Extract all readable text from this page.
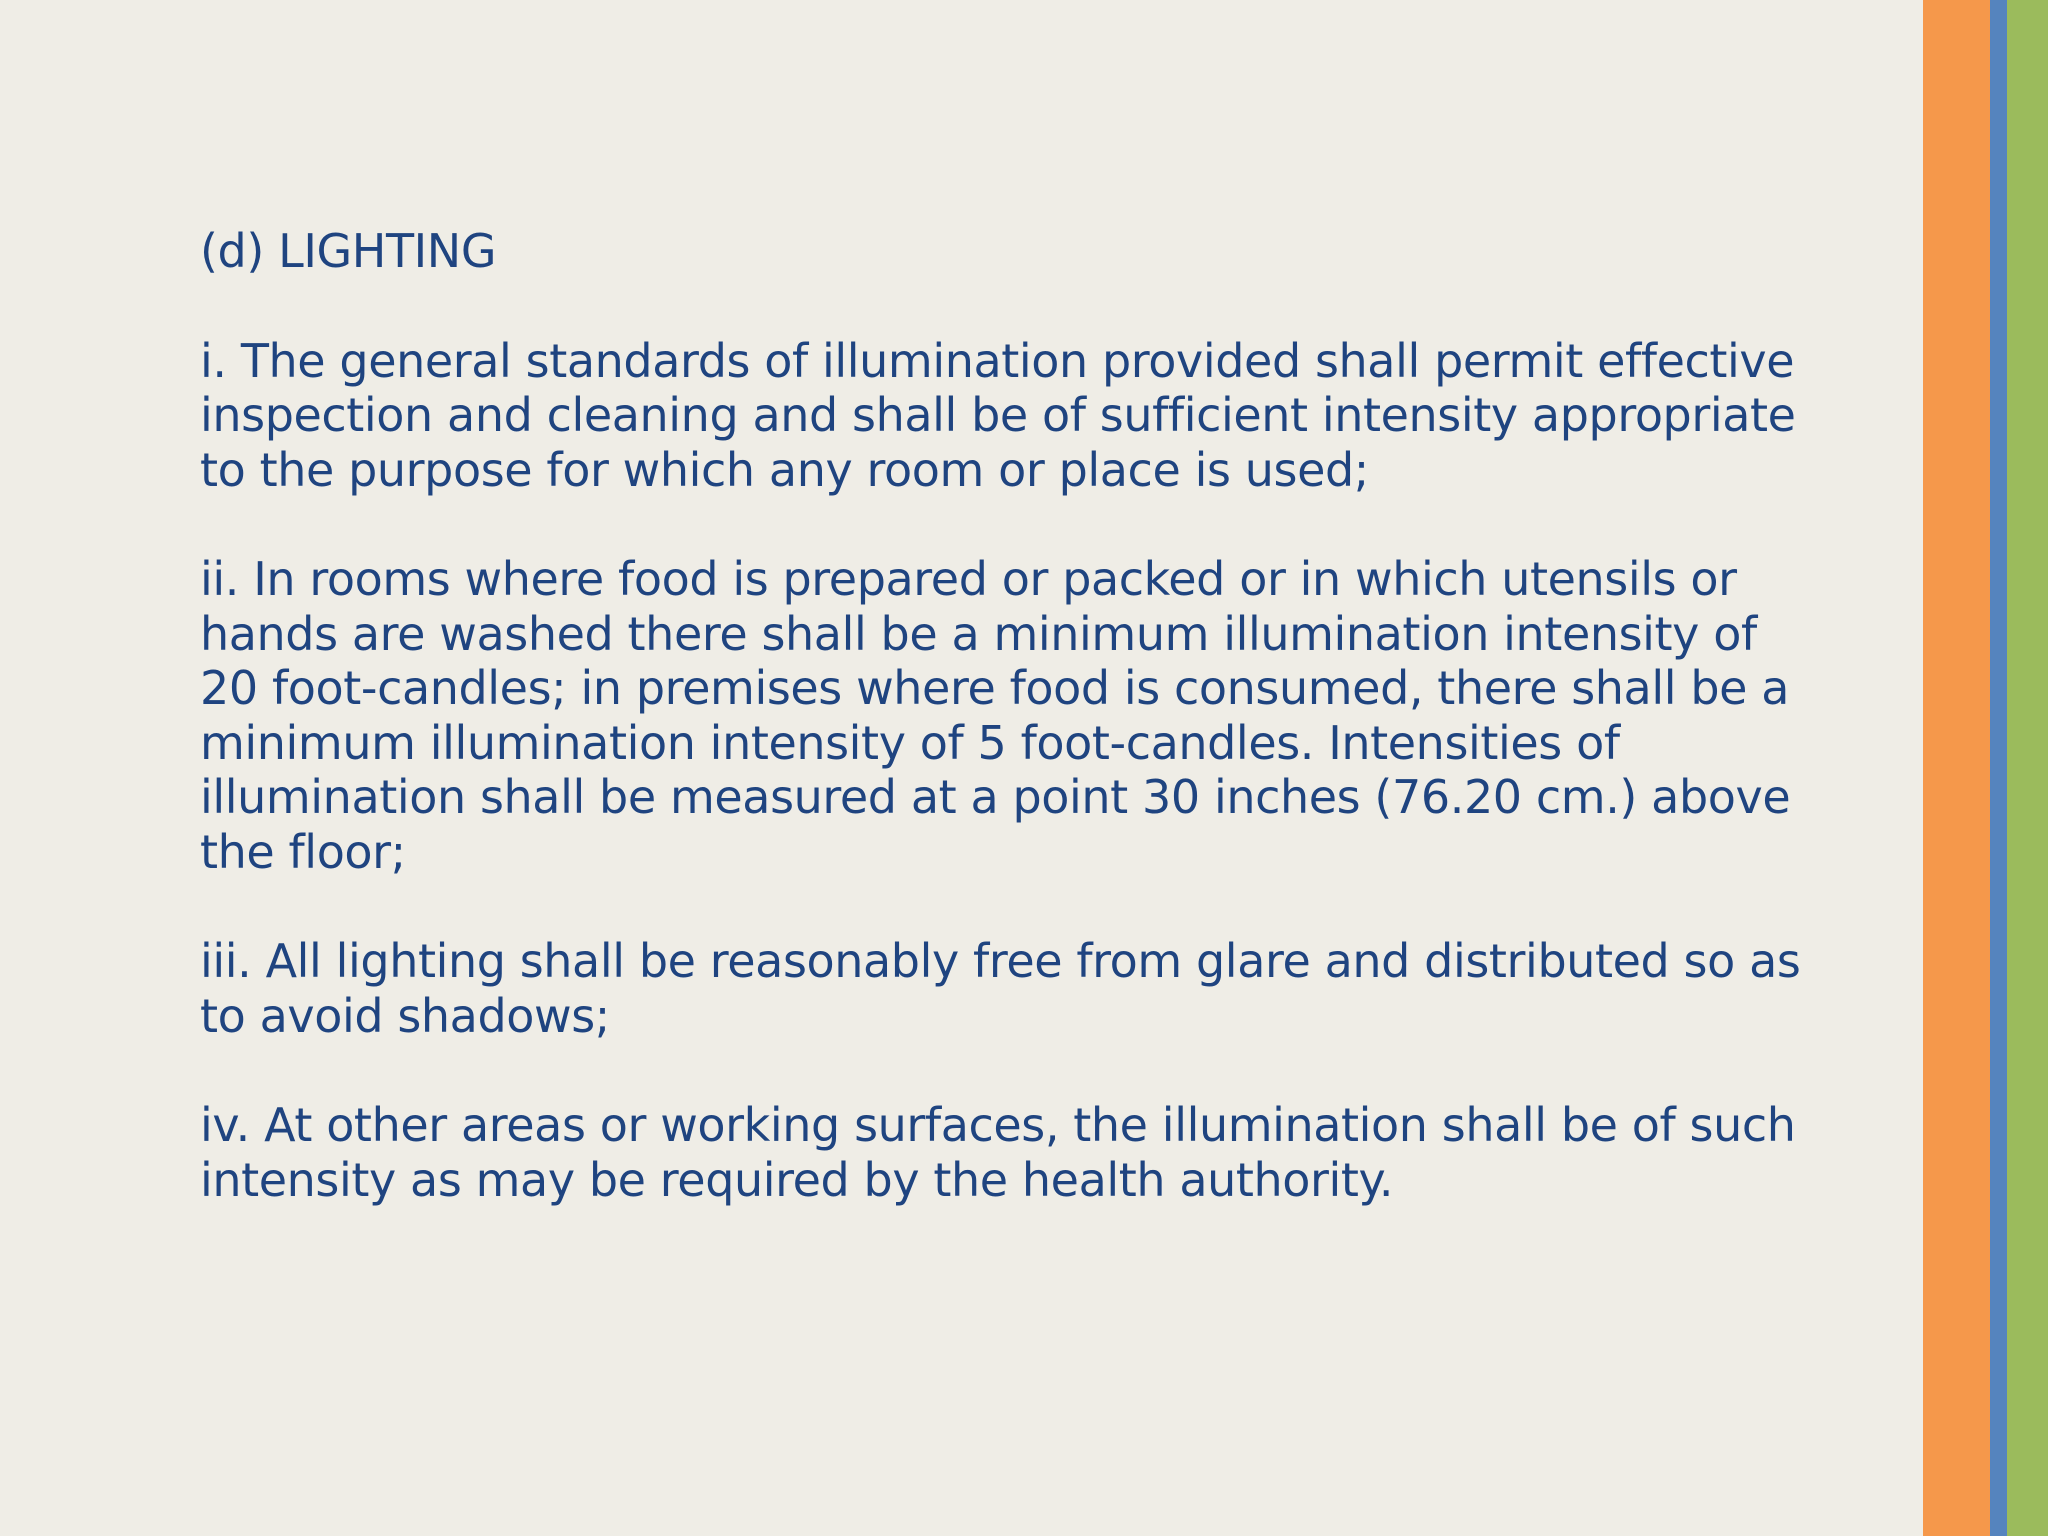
(d) LIGHTING
i. The general standards of illumination provided shall permit effective
inspection and cleaning and shall be of sufficient intensity appropriate
to the purpose for which any room or place is used;
ii. In rooms where food is prepared or packed or in which utensils or
hands are washed there shall be a minimum illumination intensity of
20 foot-candles; in premises where food is consumed, there shall be a
minimum illumination intensity of 5 foot-candles. Intensities of
illumination shall be measured at a point 30 inches (76.20 cm.) above
the floor;
iii. All lighting shall be reasonably free from glare and distributed so as
to avoid shadows;
iv. At other areas or working surfaces, the illumination shall be of such
intensity as may be required by the health authority.
